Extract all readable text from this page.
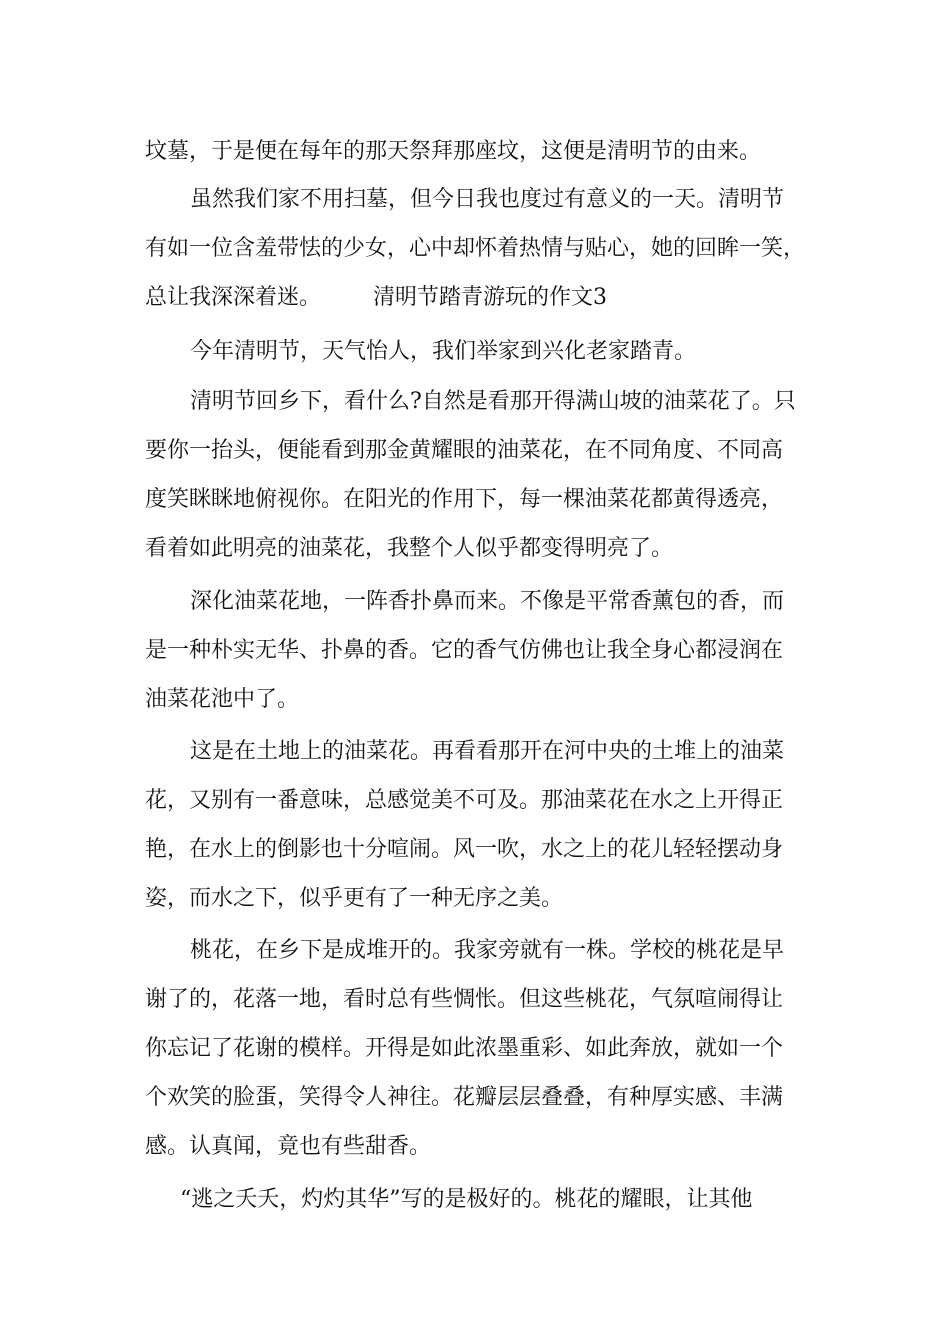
坟墓，于是便在每年的那天祭拜那座坟，这便是清明节的由来。
虽然我们家不用扫墓，但今日我也度过有意义的一天。清明节
有如一位含羞带怯的少女，心中却怀着热情与贴心，她的回眸一笑，
总让我深深着迷。 清明节踏青游玩的作文3
今年清明节，天气怡人，我们举家到兴化老家踏青。
清明节回乡下，看什么?自然是看那开得满山坡的油菜花了。只
要你一抬头，便能看到那金黄耀眼的油菜花，在不同角度、不同高
度笑眯眯地俯视你。在阳光的作用下，每一棵油菜花都黄得透亮，
看着如此明亮的油菜花，我整个人似乎都变得明亮了。
深化油菜花地，一阵香扑鼻而来。不像是平常香薰包的香，而
是一种朴实无华、扑鼻的香。它的香气仿佛也让我全身心都浸润在
油菜花池中了。
这是在土地上的油菜花。再看看那开在河中央的土堆上的油菜
花，又别有一番意味，总感觉美不可及。那油菜花在水之上开得正
艳，在水上的倒影也十分喧闹。风一吹，水之上的花儿轻轻摆动身
姿，而水之下，似乎更有了一种无序之美。
桃花，在乡下是成堆开的。我家旁就有一株。学校的桃花是早
谢了的，花落一地，看时总有些惆怅。但这些桃花，气氛喧闹得让
你忘记了花谢的模样。开得是如此浓墨重彩、如此奔放，就如一个
个欢笑的脸蛋，笑得令人神往。花瓣层层叠叠，有种厚实感、丰满
感。认真闻，竟也有些甜香。
“逃之夭夭，灼灼其华”写的是极好的。桃花的耀眼，让其他
